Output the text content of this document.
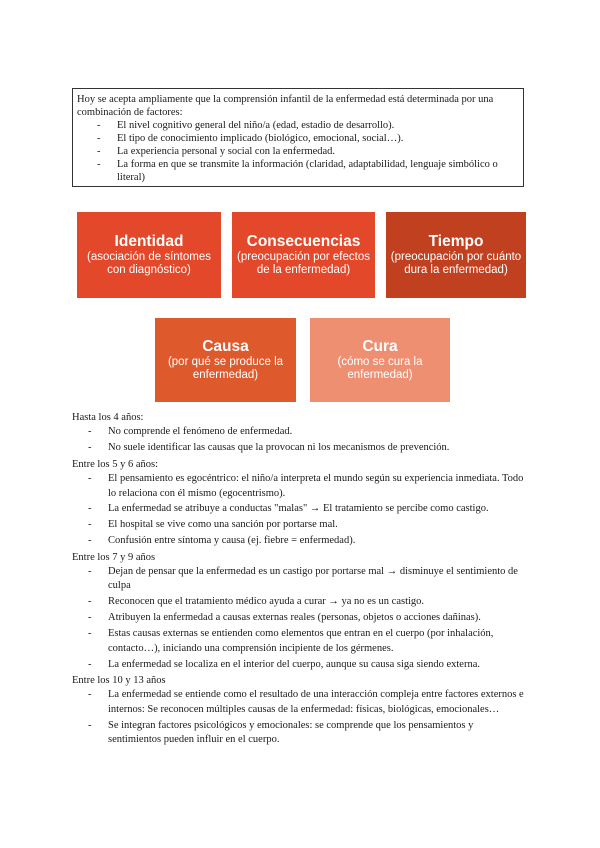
Hoy se acepta ampliamente que la comprensión infantil de la enfermedad está determinada por una combinación de factores:
- El nivel cognitivo general del niño/a (edad, estadio de desarrollo).
- El tipo de conocimiento implicado (biológico, emocional, social…).
- La experiencia personal y social con la enfermedad.
- La forma en que se transmite la información (claridad, adaptabilidad, lenguaje simbólico o literal)
Identidad
(asociación de síntomes con diagnóstico)
Consecuencias
(preocupación por efectos de la enfermedad)
Tiempo
(preocupación por cuánto dura la enfermedad)
Causa
(por qué se produce la enfermedad)
Cura
(cómo se cura la enfermedad)
Hasta los 4 años:
- No comprende el fenómeno de enfermedad.
- No suele identificar las causas que la provocan ni los mecanismos de prevención.
Entre los 5 y 6 años:
- El pensamiento es egocéntrico: el niño/a interpreta el mundo según su experiencia inmediata. Todo lo relaciona con él mismo (egocentrismo).
- La enfermedad se atribuye a conductas "malas" → El tratamiento se percibe como castigo.
- El hospital se vive como una sanción por portarse mal.
- Confusión entre síntoma y causa (ej. fiebre = enfermedad).
Entre los 7 y 9 años
- Dejan de pensar que la enfermedad es un castigo por portarse mal → disminuye el sentimiento de culpa
- Reconocen que el tratamiento médico ayuda a curar → ya no es un castigo.
- Atribuyen la enfermedad a causas externas reales (personas, objetos o acciones dañinas).
- Estas causas externas se entienden como elementos que entran en el cuerpo (por inhalación, contacto…), iniciando una comprensión incipiente de los gérmenes.
- La enfermedad se localiza en el interior del cuerpo, aunque su causa siga siendo externa.
Entre los 10 y 13 años
- La enfermedad se entiende como el resultado de una interacción compleja entre factores externos e internos: Se reconocen múltiples causas de la enfermedad: físicas, biológicas, emocionales…
- Se integran factores psicológicos y emocionales: se comprende que los pensamientos y sentimientos pueden influir en el cuerpo.
